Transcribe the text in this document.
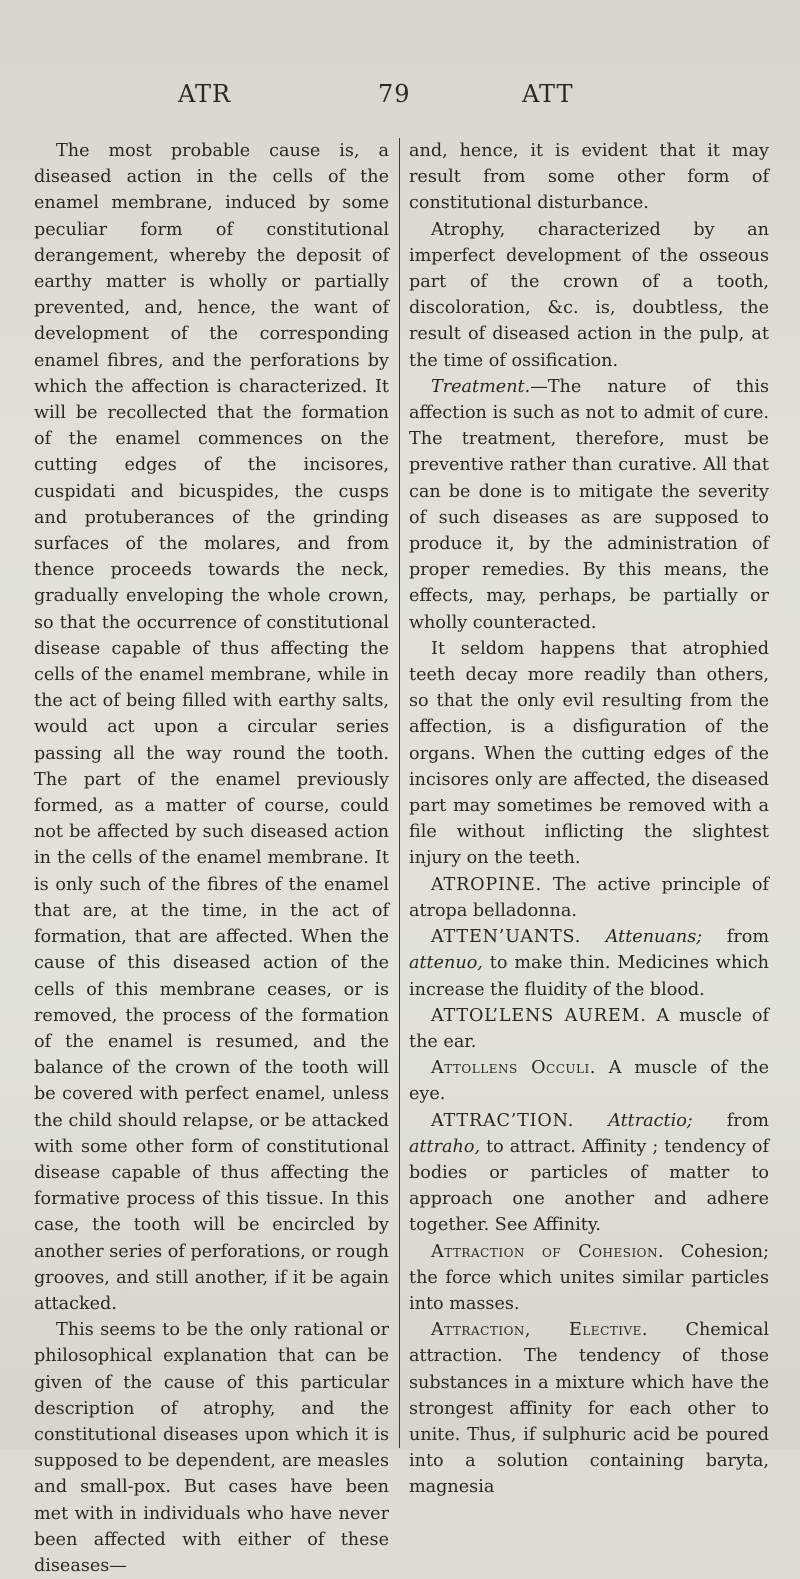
ATR	79	ATT

The most probable cause is, a diseased action in the cells of the enamel membrane, induced by some peculiar form of constitutional derangement, whereby the deposit of earthy matter is wholly or partially prevented, and, hence, the want of development of the corresponding enamel fibres, and the perforations by which the affection is characterized. It will be recollected that the formation of the enamel commences on the cutting edges of the incisores, cuspidati and bicuspides, the cusps and protuberances of the grinding surfaces of the molares, and from thence proceeds towards the neck, gradually enveloping the whole crown, so that the occurrence of constitutional disease capable of thus affecting the cells of the enamel membrane, while in the act of being filled with earthy salts, would act upon a circular series passing all the way round the tooth. The part of the enamel previously formed, as a matter of course, could not be affected by such diseased action in the cells of the enamel membrane. It is only such of the fibres of the enamel that are, at the time, in the act of formation, that are affected. When the cause of this diseased action of the cells of this membrane ceases, or is removed, the process of the formation of the enamel is resumed, and the balance of the crown of the tooth will be covered with perfect enamel, unless the child should relapse, or be attacked with some other form of constitutional disease capable of thus affecting the formative process of this tissue. In this case, the tooth will be encircled by another series of perforations, or rough grooves, and still another, if it be again attacked.

This seems to be the only rational or philosophical explanation that can be given of the cause of this particular description of atrophy, and the constitutional diseases upon which it is supposed to be dependent, are measles and small-pox. But cases have been met with in individuals who have never been affected with either of these diseases—

and, hence, it is evident that it may result from some other form of constitutional disturbance.

Atrophy, characterized by an imperfect development of the osseous part of the crown of a tooth, discoloration, &c. is, doubtless, the result of diseased action in the pulp, at the time of ossification.

Treatment.—The nature of this affection is such as not to admit of cure. The treatment, therefore, must be preventive rather than curative. All that can be done is to mitigate the severity of such diseases as are supposed to produce it, by the administration of proper remedies. By this means, the effects, may, perhaps, be partially or wholly counteracted.

It seldom happens that atrophied teeth decay more readily than others, so that the only evil resulting from the affection, is a disfiguration of the organs. When the cutting edges of the incisores only are affected, the diseased part may sometimes be removed with a file without inflicting the slightest injury on the teeth.

ATROPINE. The active principle of atropa belladonna.

ATTEN’UANTS. Attenuans; from attenuo, to make thin. Medicines which increase the fluidity of the blood.

ATTOL’LENS AUREM. A muscle of the ear.

Attollens Occuli. A muscle of the eye.

ATTRAC’TION. Attractio; from attraho, to attract. Affinity ; tendency of bodies or particles of matter to approach one another and adhere together. See Affinity.

Attraction of Cohesion. Cohesion; the force which unites similar particles into masses.

Attraction, Elective. Chemical attraction. The tendency of those substances in a mixture which have the strongest affinity for each other to unite. Thus, if sulphuric acid be poured into a solution containing baryta, magnesia
